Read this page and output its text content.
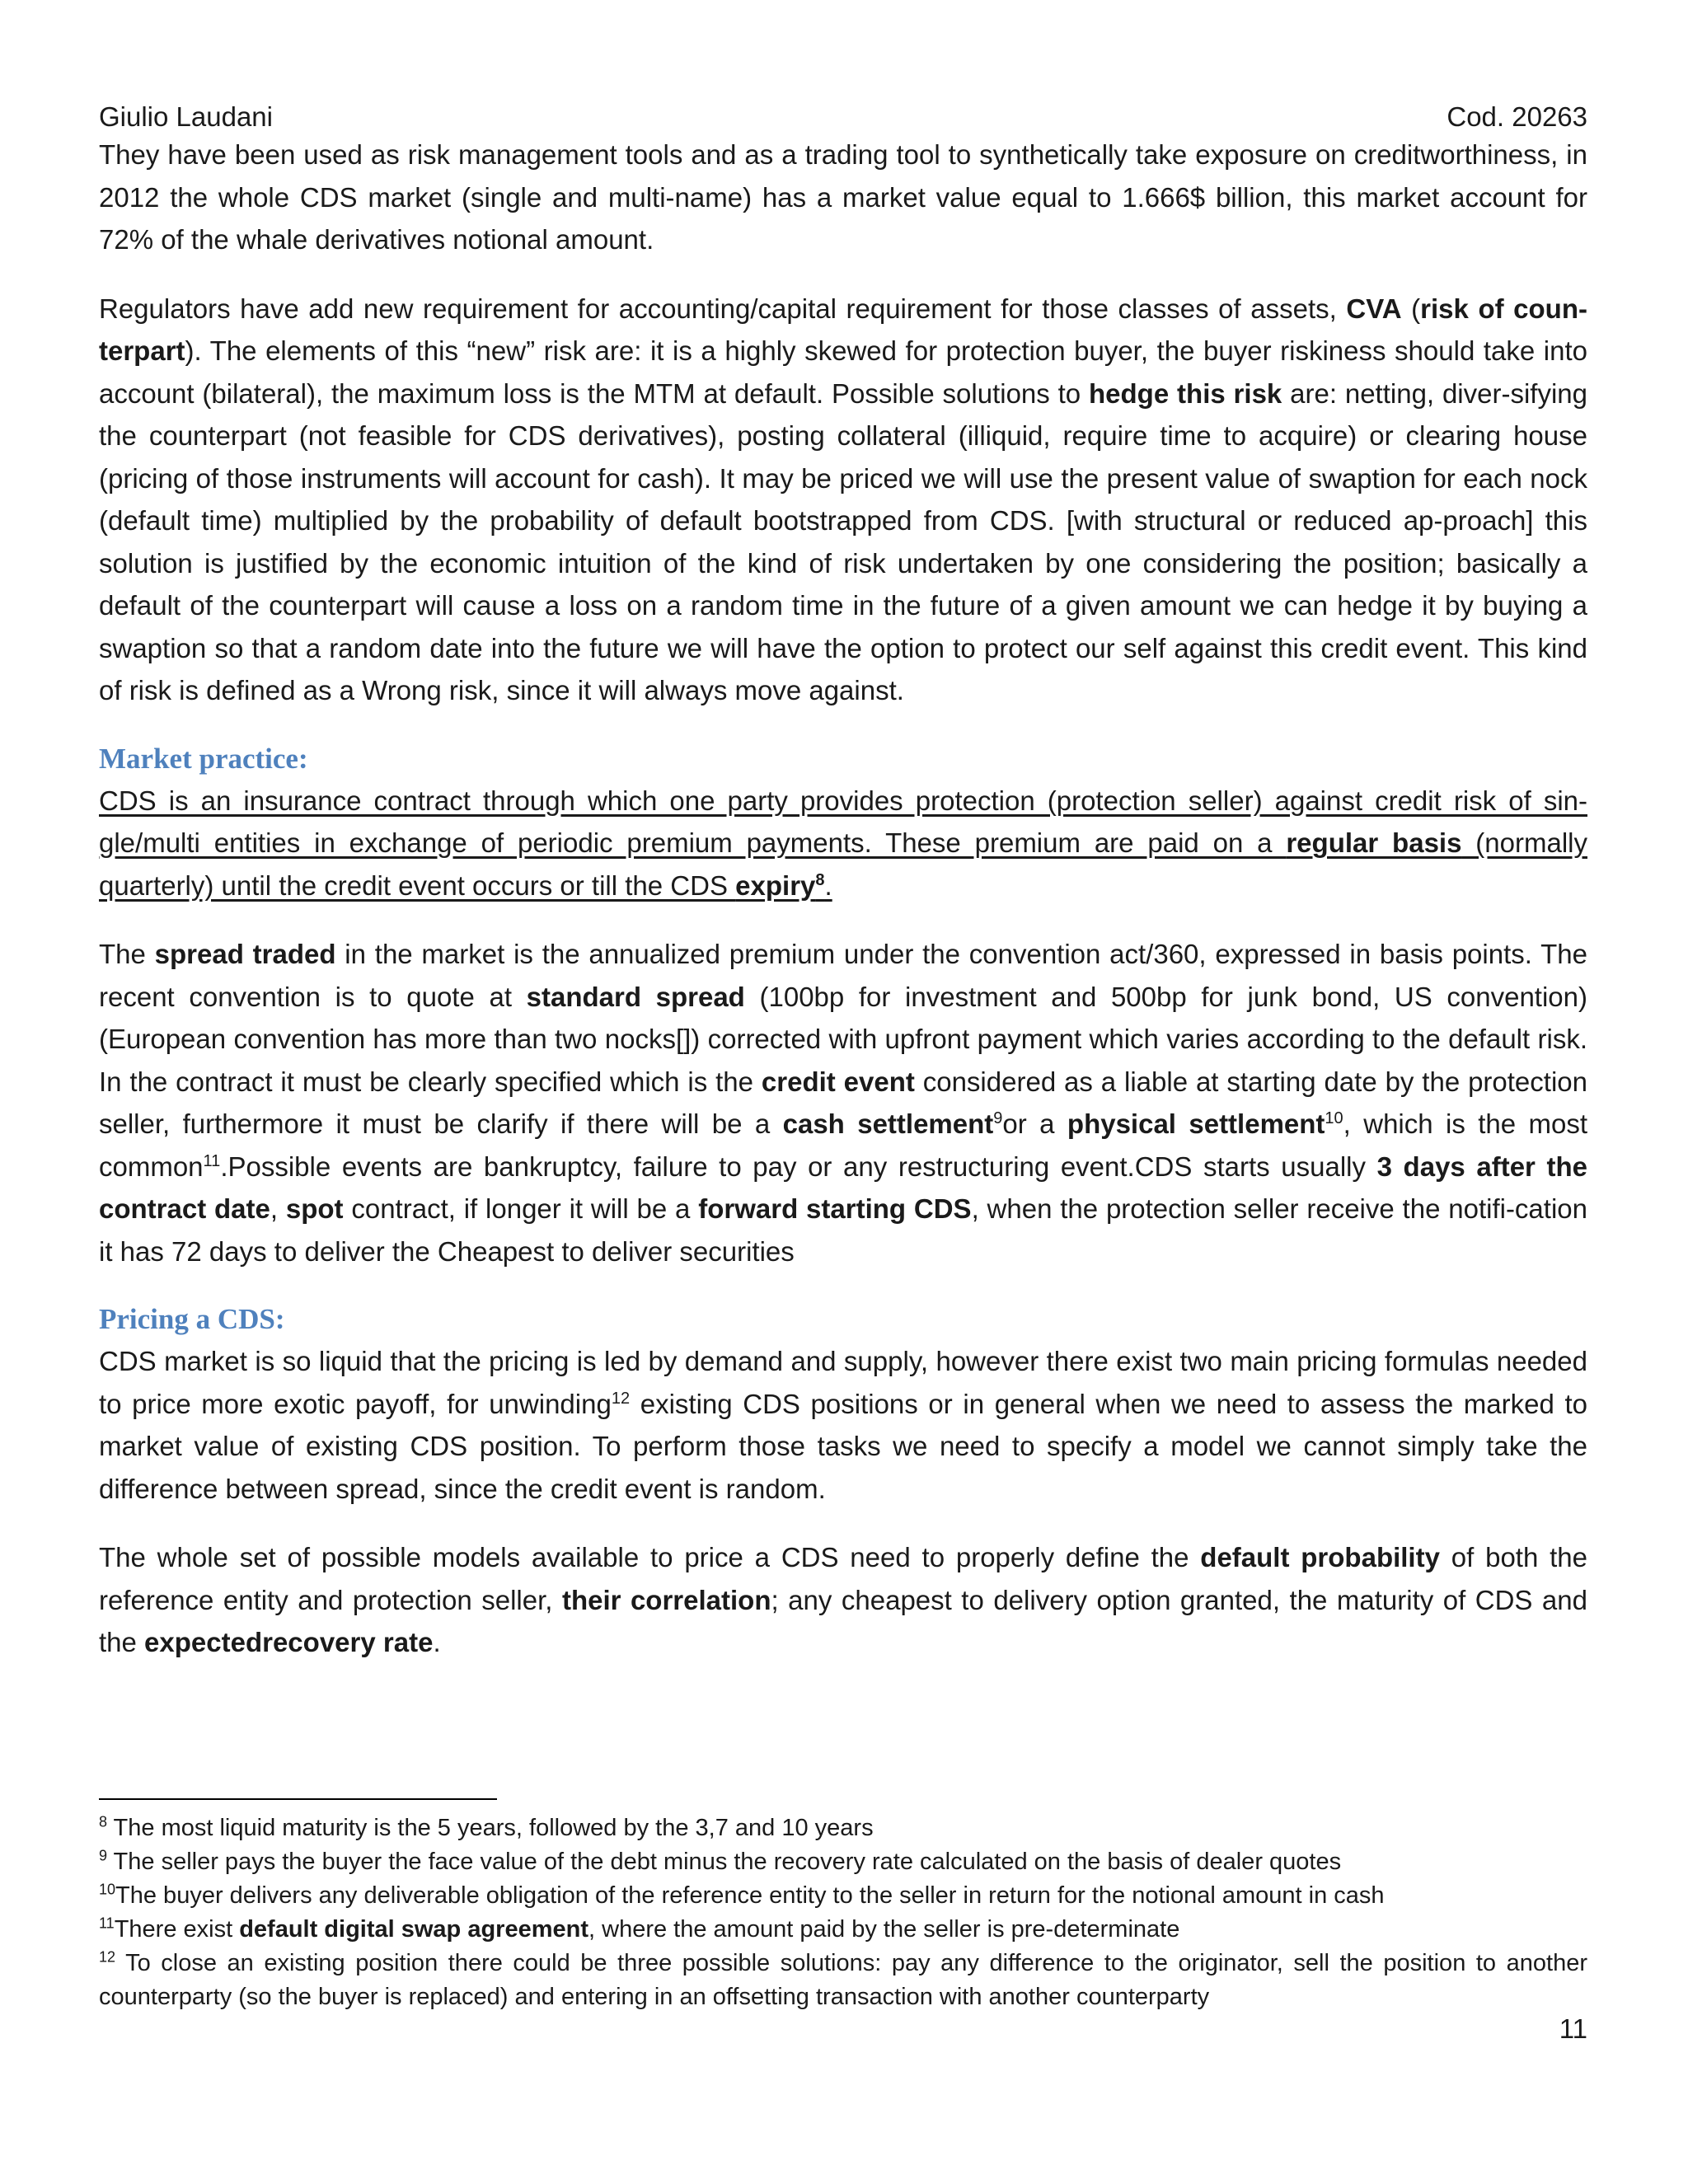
Giulio Laudani	Cod. 20263

They have been used as risk management tools and as a trading tool to synthetically take exposure on creditworthiness, in 2012 the whole CDS market (single and multi-name) has a market value equal to 1.666$ billion, this market account for 72% of the whale derivatives notional amount.

Regulators have add new requirement for accounting/capital requirement for those classes of assets, CVA (risk of coun-terpart). The elements of this “new” risk are: it is a highly skewed for protection buyer, the buyer riskiness should take into account (bilateral), the maximum loss is the MTM at default. Possible solutions to hedge this risk are: netting, diver-sifying the counterpart (not feasible for CDS derivatives), posting collateral (illiquid, require time to acquire) or clearing house (pricing of those instruments will account for cash). It may be priced we will use the present value of swaption for each nock (default time) multiplied by the probability of default bootstrapped from CDS. [with structural or reduced ap-proach] this solution is justified by the economic intuition of the kind of risk undertaken by one considering the position; basically a default of the counterpart will cause a loss on a random time in the future of a given amount we can hedge it by buying a swaption so that a random date into the future we will have the option to protect our self against this credit event. This kind of risk is defined as a Wrong risk, since it will always move against.

Market practice:

CDS is an insurance contract through which one party provides protection (protection seller) against credit risk of sin-gle/multi entities in exchange of periodic premium payments. These premium are paid on a regular basis (normally quarterly) until the credit event occurs or till the CDS expiry$^8$.

The spread traded in the market is the annualized premium under the convention act/360, expressed in basis points. The recent convention is to quote at standard spread (100bp for investment and 500bp for junk bond, US convention) (European convention has more than two nocks[]) corrected with upfront payment which varies according to the default risk. In the contract it must be clearly specified which is the credit event considered as a liable at starting date by the protection seller, furthermore it must be clarify if there will be a cash settlement$^9$or a physical settlement$^{10}$, which is the most common$^{11}$.Possible events are bankruptcy, failure to pay or any restructuring event.CDS starts usually 3 days after the contract date, spot contract, if longer it will be a forward starting CDS, when the protection seller receive the notifi-cation it has 72 days to deliver the Cheapest to deliver securities

Pricing a CDS:

CDS market is so liquid that the pricing is led by demand and supply, however there exist two main pricing formulas needed to price more exotic payoff, for unwinding$^{12}$ existing CDS positions or in general when we need to assess the marked to market value of existing CDS position. To perform those tasks we need to specify a model we cannot simply take the difference between spread, since the credit event is random.

The whole set of possible models available to price a CDS need to properly define the default probability of both the reference entity and protection seller, their correlation; any cheapest to delivery option granted, the maturity of CDS and the expectedrecovery rate.

$^8$ The most liquid maturity is the 5 years, followed by the 3,7 and 10 years

$^9$ The seller pays the buyer the face value of the debt minus the recovery rate calculated on the basis of dealer quotes

$^{10}$The buyer delivers any deliverable obligation of the reference entity to the seller in return for the notional amount in cash

$^{11}$There exist default digital swap agreement, where the amount paid by the seller is pre-determinate

$^{12}$ To close an existing position there could be three possible solutions: pay any difference to the originator, sell the position to another counterparty (so the buyer is replaced) and entering in an offsetting transaction with another counterparty

11
